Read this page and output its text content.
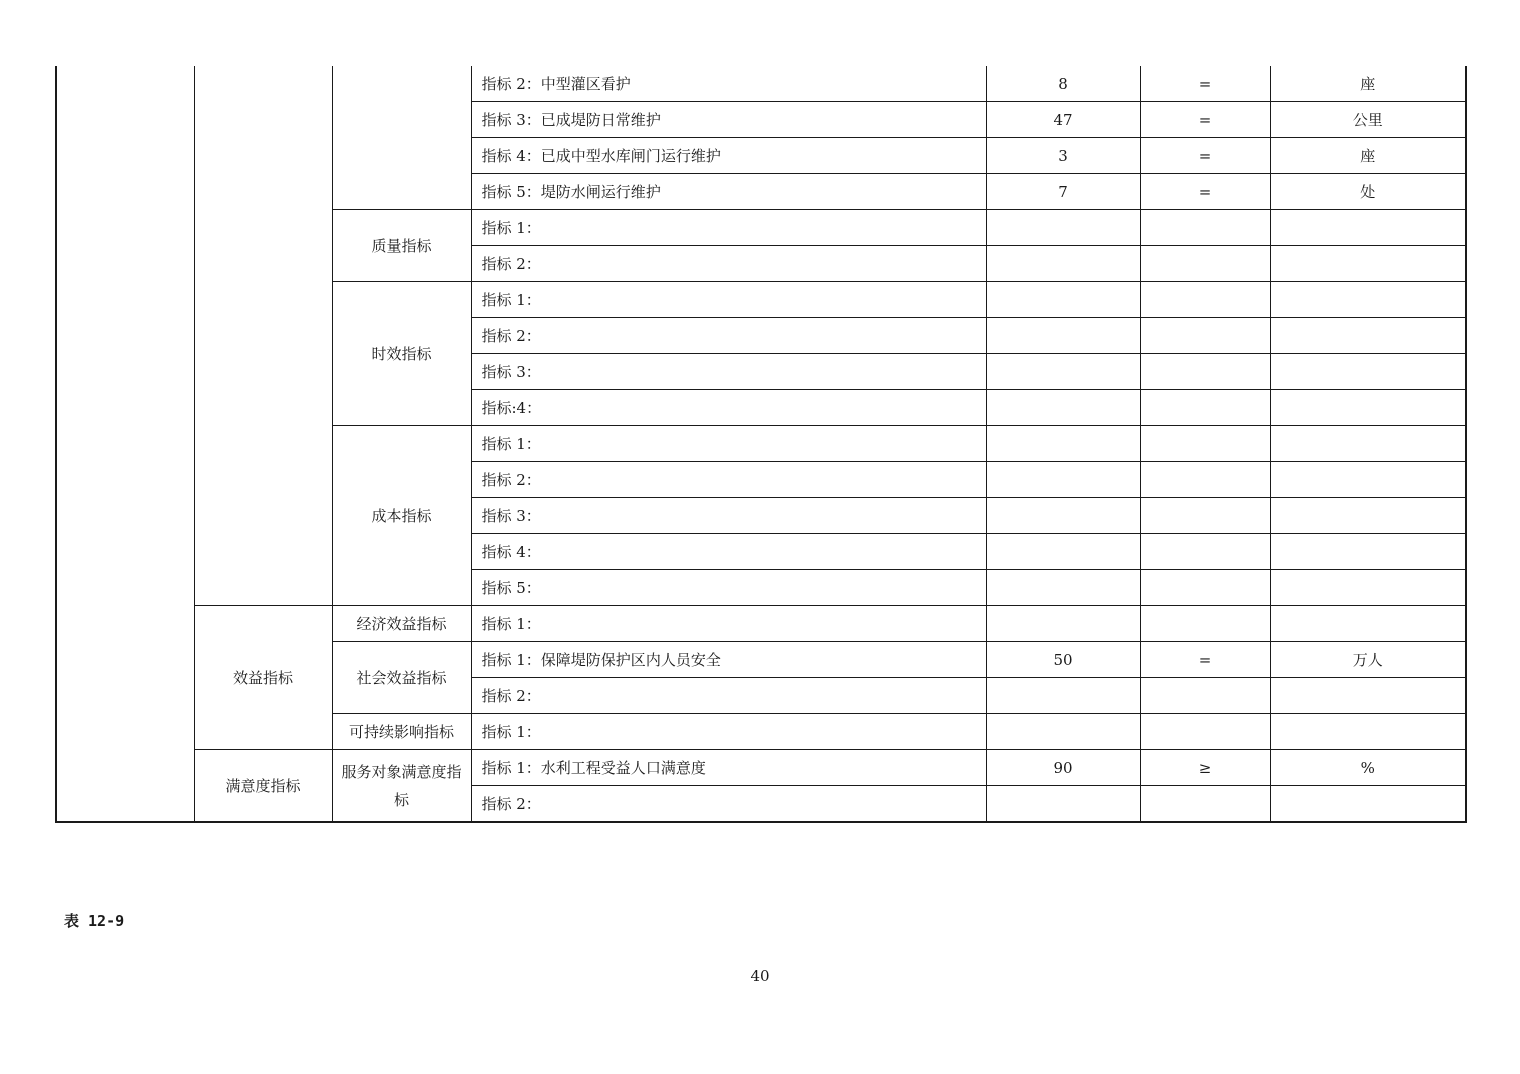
			指标 2：中型灌区看护	8	=	座
			指标 3：已成堤防日常维护	47	=	公里
			指标 4：已成中型水库闸门运行维护	3	=	座
			指标 5：堤防水闸运行维护	7	=	处
		质量指标	指标 1：			
			指标 2：			
		时效指标	指标 1：			
			指标 2：			
			指标 3：			
			指标:4：			
		成本指标	指标 1：			
			指标 2：			
			指标 3：			
			指标 4：			
			指标 5：			
	效益指标	经济效益指标	指标 1：			
		社会效益指标	指标 1：保障堤防保护区内人员安全	50	=	万人
			指标 2：			
		可持续影响指标	指标 1：			
	满意度指标	服务对象满意度指标	指标 1：水利工程受益人口满意度	90	≥	%
			指标 2：			
表 12-9
40
